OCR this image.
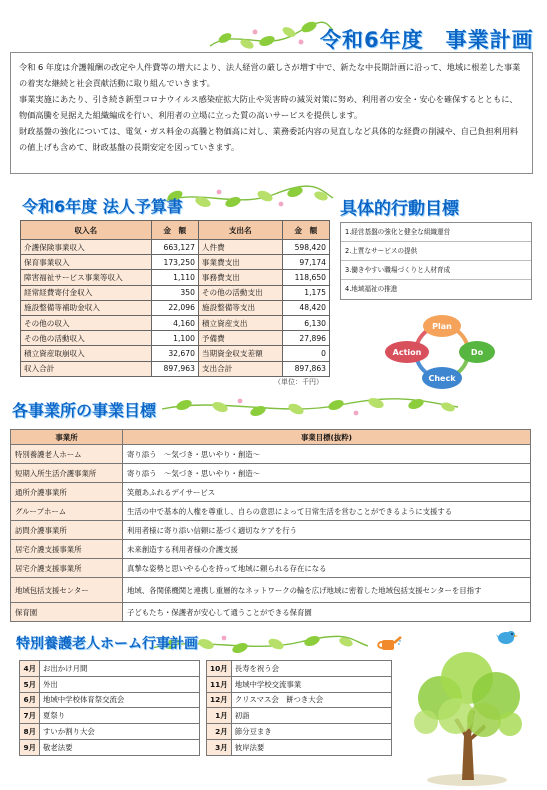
令和6年度　事業計画

令和 6 年度は介護報酬の改定や人件費等の増大により、法人経営の厳しさが増す中で、新たな中長期計画に沿って、地域に根差した事業の着実な継続と社会貢献活動に取り組んでいきます。

事業実施にあたり、引き続き新型コロナウイルス感染症拡大防止や災害時の減災対策に努め、利用者の安全・安心を確保するとともに、物価高騰を見据えた組織編成を行い、利用者の立場に立った質の高いサービスを提供します。

財政基盤の強化については、電気・ガス料金の高騰と物価高に対し、業務委託内容の見直しなど具体的な経費の削減や、自己負担利用料の値上げも含めて、財政基盤の長期安定を図っていきます。

令和6年度 法人予算書
収入名	金　額	支出名	金　額
介護保険事業収入	663,127	人件費	598,420
保育事業収入	173,250	事業費支出	97,174
障害福祉サービス事業等収入	1,110	事務費支出	118,650
経常経費寄付金収入	350	その他の活動支出	1,175
施設整備等補助金収入	22,096	施設整備等支出	48,420
その他の収入	4,160	積立資産支出	6,130
その他の活動収入	1,100	予備費	27,896
積立資産取崩収入	32,670	当期資金収支差額	0
収入合計	897,963	支出合計	897,863
（単位：千円）
具体的行動目標
1.経営基盤の強化と健全な組織運営
2.上質なサービスの提供
3.働きやすい職場づくりと人材育成
4.地域福祉の推進
Plan
Do
Check
Action
各事業所の事業目標
事業所	事業目標(抜粋)
特別養護老人ホーム	寄り添う　～気づき・思いやり・創造～
短期入所生活介護事業所	寄り添う　～気づき・思いやり・創造～
通所介護事業所	笑顔あふれるデイサービス
グループホーム	生活の中で基本的人権を尊重し、自らの意思によって日常生活を営むことができるように支援する
訪問介護事業所	利用者様に寄り添い信頼に基づく適切なケアを行う
居宅介護支援事業所	未来創造する利用者様の介護支援
居宅介護支援事業所	真摯な姿勢と思いやる心を持って地域に頼られる存在になる
地域包括支援センター	地域、各関係機関と連携し重層的なネットワークの輪を広げ地域に密着した地域包括支援センターを目指す
保育園	子どもたち・保護者が安心して通うことができる保育園
特別養護老人ホーム行事計画
4月	お出かけ月間		10月	長寿を祝う会
5月	外出		11月	地域中学校交流事業
6月	地域中学校体育祭交流会		12月	クリスマス会　餅つき大会
7月	夏祭り		1月	初詣
8月	すいか割り大会		2月	節分豆まき
9月	敬老法要		3月	彼岸法要
